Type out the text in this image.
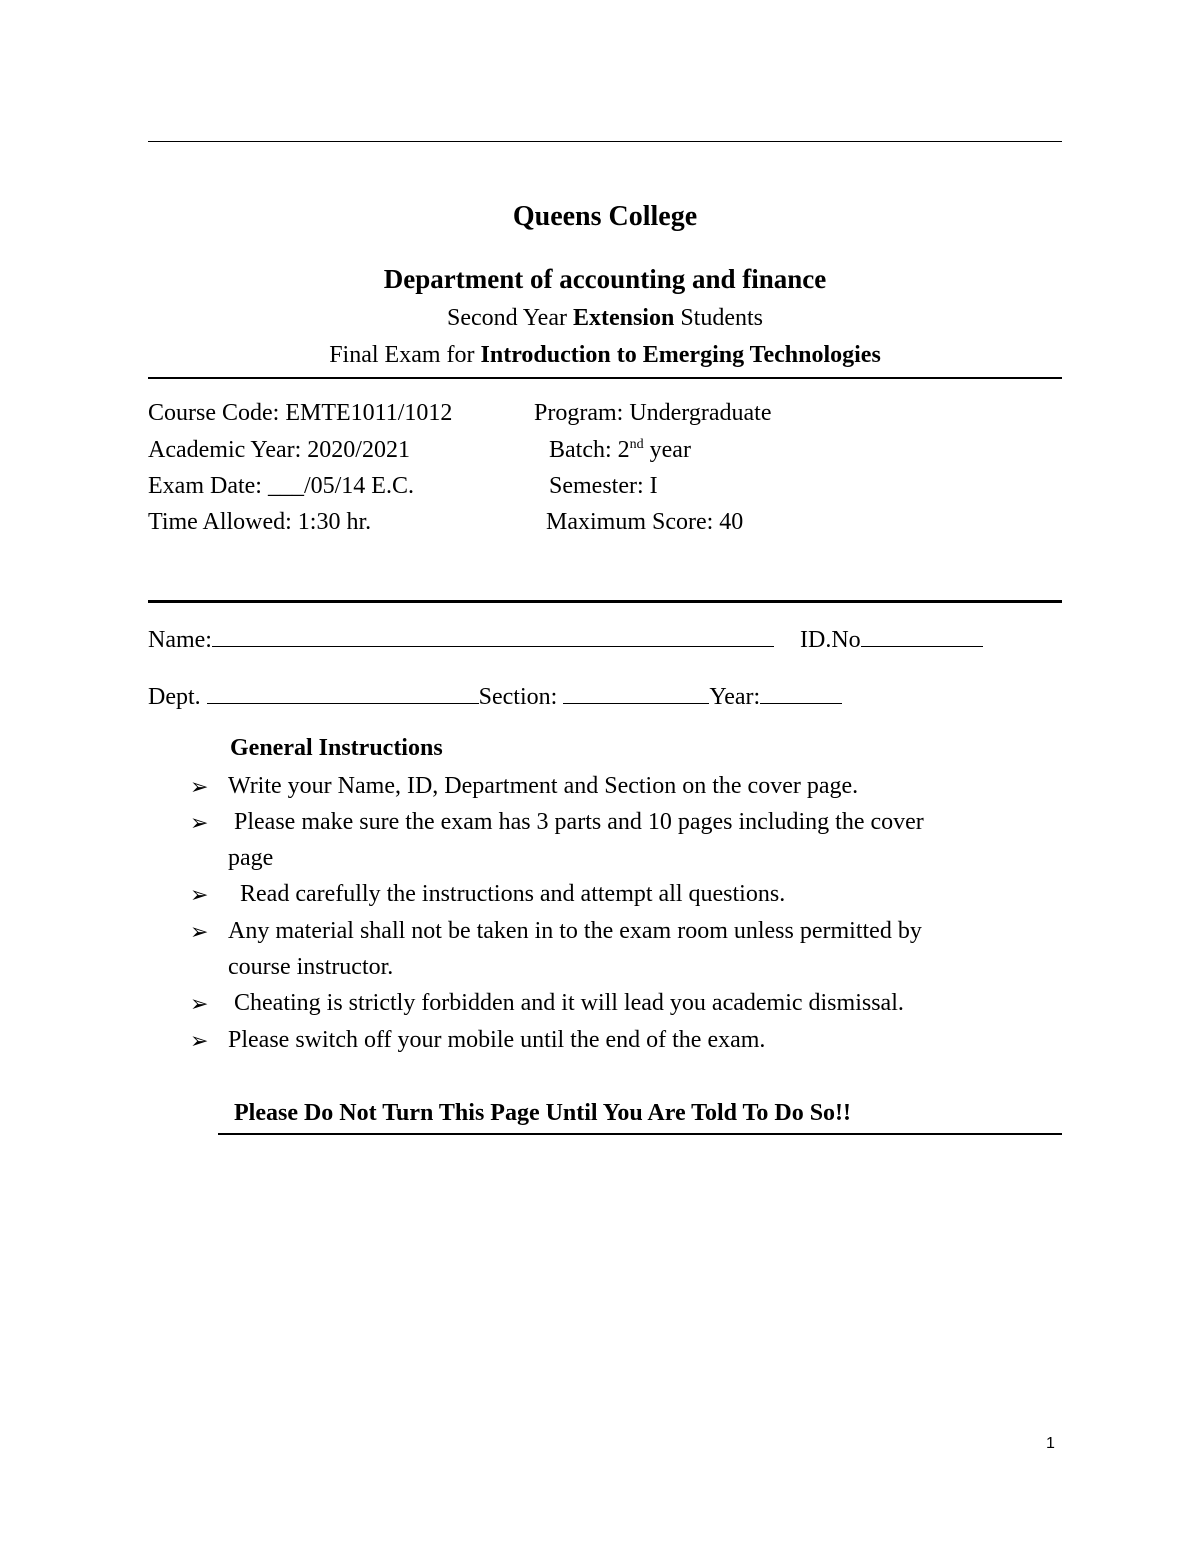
Queens College
Department of accounting and finance
Second Year Extension Students
Final Exam for Introduction to Emerging Technologies
Course Code: EMTE1011/1012	Program: Undergraduate
Academic Year: 2020/2021	Batch: 2nd year
Exam Date: ___/05/14 E.C.	Semester: I
Time Allowed: 1:30 hr.	Maximum Score: 40
Name:	ID.No
Dept.	Section:	Year:
General Instructions
➢ Write your Name, ID, Department and Section on the cover page.
➢ Please make sure the exam has 3 parts and 10 pages including the cover
page
➢ Read carefully the instructions and attempt all questions.
➢ Any material shall not be taken in to the exam room unless permitted by
course instructor.
➢ Cheating is strictly forbidden and it will lead you academic dismissal.
➢ Please switch off your mobile until the end of the exam.
Please Do Not Turn This Page Until You Are Told To Do So!!
1
